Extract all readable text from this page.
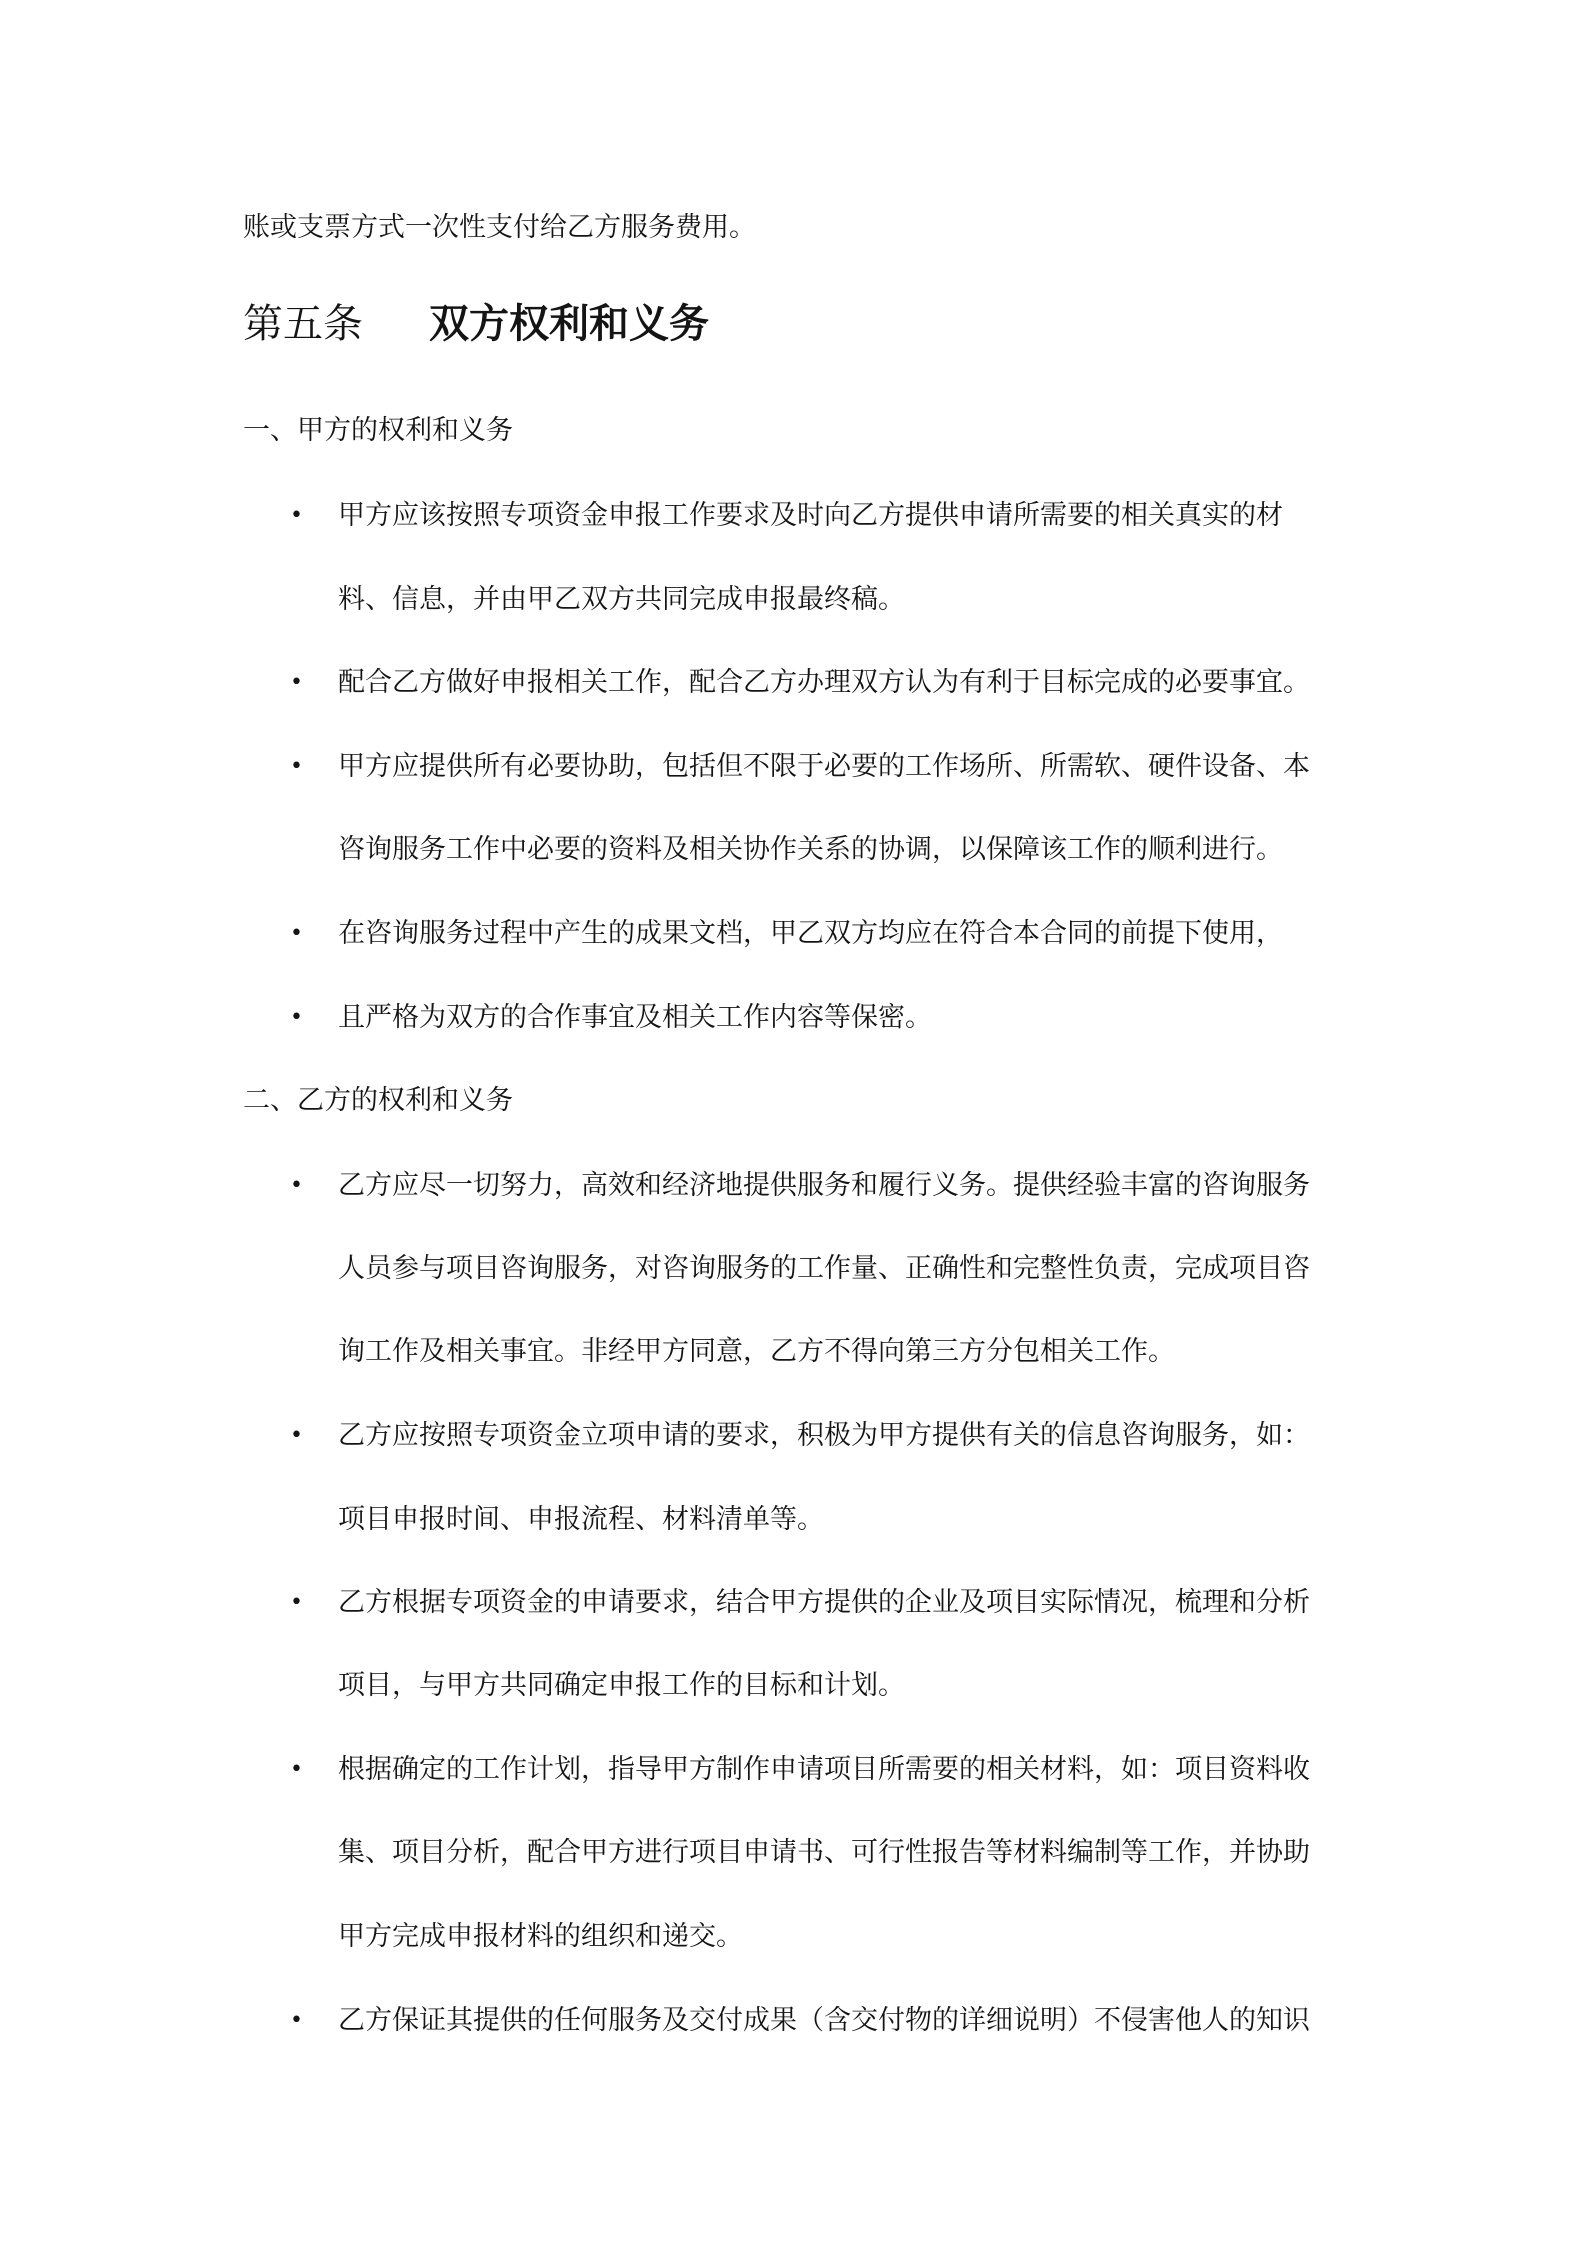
账或支票方式一次性支付给乙方服务费用。
第五条 双方权利和义务
一、甲方的权利和义务
• 甲方应该按照专项资金申报工作要求及时向乙方提供申请所需要的相关真实的材
料、信息，并由甲乙双方共同完成申报最终稿。
• 配合乙方做好申报相关工作，配合乙方办理双方认为有利于目标完成的必要事宜。
• 甲方应提供所有必要协助，包括但不限于必要的工作场所、所需软、硬件设备、本
咨询服务工作中必要的资料及相关协作关系的协调，以保障该工作的顺利进行。
• 在咨询服务过程中产生的成果文档，甲乙双方均应在符合本合同的前提下使用，
• 且严格为双方的合作事宜及相关工作内容等保密。
二、乙方的权利和义务
• 乙方应尽一切努力，高效和经济地提供服务和履行义务。提供经验丰富的咨询服务
人员参与项目咨询服务，对咨询服务的工作量、正确性和完整性负责，完成项目咨
询工作及相关事宜。非经甲方同意，乙方不得向第三方分包相关工作。
• 乙方应按照专项资金立项申请的要求，积极为甲方提供有关的信息咨询服务，如：
项目申报时间、申报流程、材料清单等。
• 乙方根据专项资金的申请要求，结合甲方提供的企业及项目实际情况，梳理和分析
项目，与甲方共同确定申报工作的目标和计划。
• 根据确定的工作计划，指导甲方制作申请项目所需要的相关材料，如：项目资料收
集、项目分析，配合甲方进行项目申请书、可行性报告等材料编制等工作，并协助
甲方完成申报材料的组织和递交。
• 乙方保证其提供的任何服务及交付成果（含交付物的详细说明）不侵害他人的知识
